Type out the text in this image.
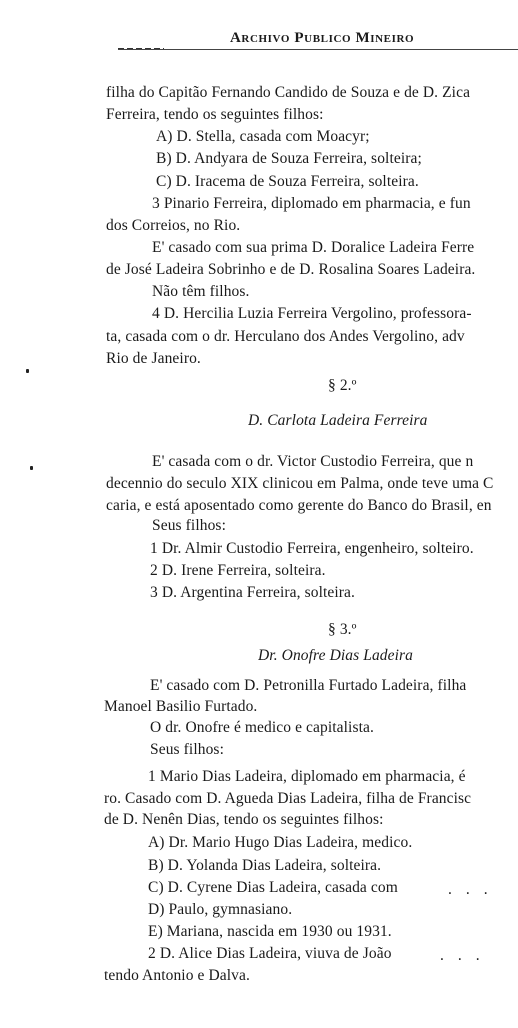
Archivo Publico Mineiro
filha do Capitão Fernando Candido de Souza e de D. Zica
Ferreira, tendo os seguintes filhos:
A) D. Stella, casada com Moacyr;
B) D. Andyara de Souza Ferreira, solteira;
C) D. Iracema de Souza Ferreira, solteira.
3 Pinario Ferreira, diplomado em pharmacia, e fun
dos Correios, no Rio.
E' casado com sua prima D. Doralice Ladeira Ferre
de José Ladeira Sobrinho e de D. Rosalina Soares Ladeira.
Não têm filhos.
4 D. Hercilia Luzia Ferreira Vergolino, professora-
ta, casada com o dr. Herculano dos Andes Vergolino, adv
Rio de Janeiro.
§ 2.º
D. Carlota Ladeira Ferreira
E' casada com o dr. Victor Custodio Ferreira, que n
decennio do seculo XIX clinicou em Palma, onde teve uma C
caria, e está aposentado como gerente do Banco do Brasil, en
Seus filhos:
1 Dr. Almir Custodio Ferreira, engenheiro, solteiro.
2 D. Irene Ferreira, solteira.
3 D. Argentina Ferreira, solteira.
§ 3.º
Dr. Onofre Dias Ladeira
E' casado com D. Petronilla Furtado Ladeira, filha
Manoel Basilio Furtado.
O dr. Onofre é medico e capitalista.
Seus filhos:
1 Mario Dias Ladeira, diplomado em pharmacia, é
ro. Casado com D. Agueda Dias Ladeira, filha de Francisc
de D. Nenên Dias, tendo os seguintes filhos:
A) Dr. Mario Hugo Dias Ladeira, medico.
B) D. Yolanda Dias Ladeira, solteira.
C) D. Cyrene Dias Ladeira, casada com
D) Paulo, gymnasiano.
E) Mariana, nascida em 1930 ou 1931.
2 D. Alice Dias Ladeira, viuva de João
tendo Antonio e Dalva.
...
...
